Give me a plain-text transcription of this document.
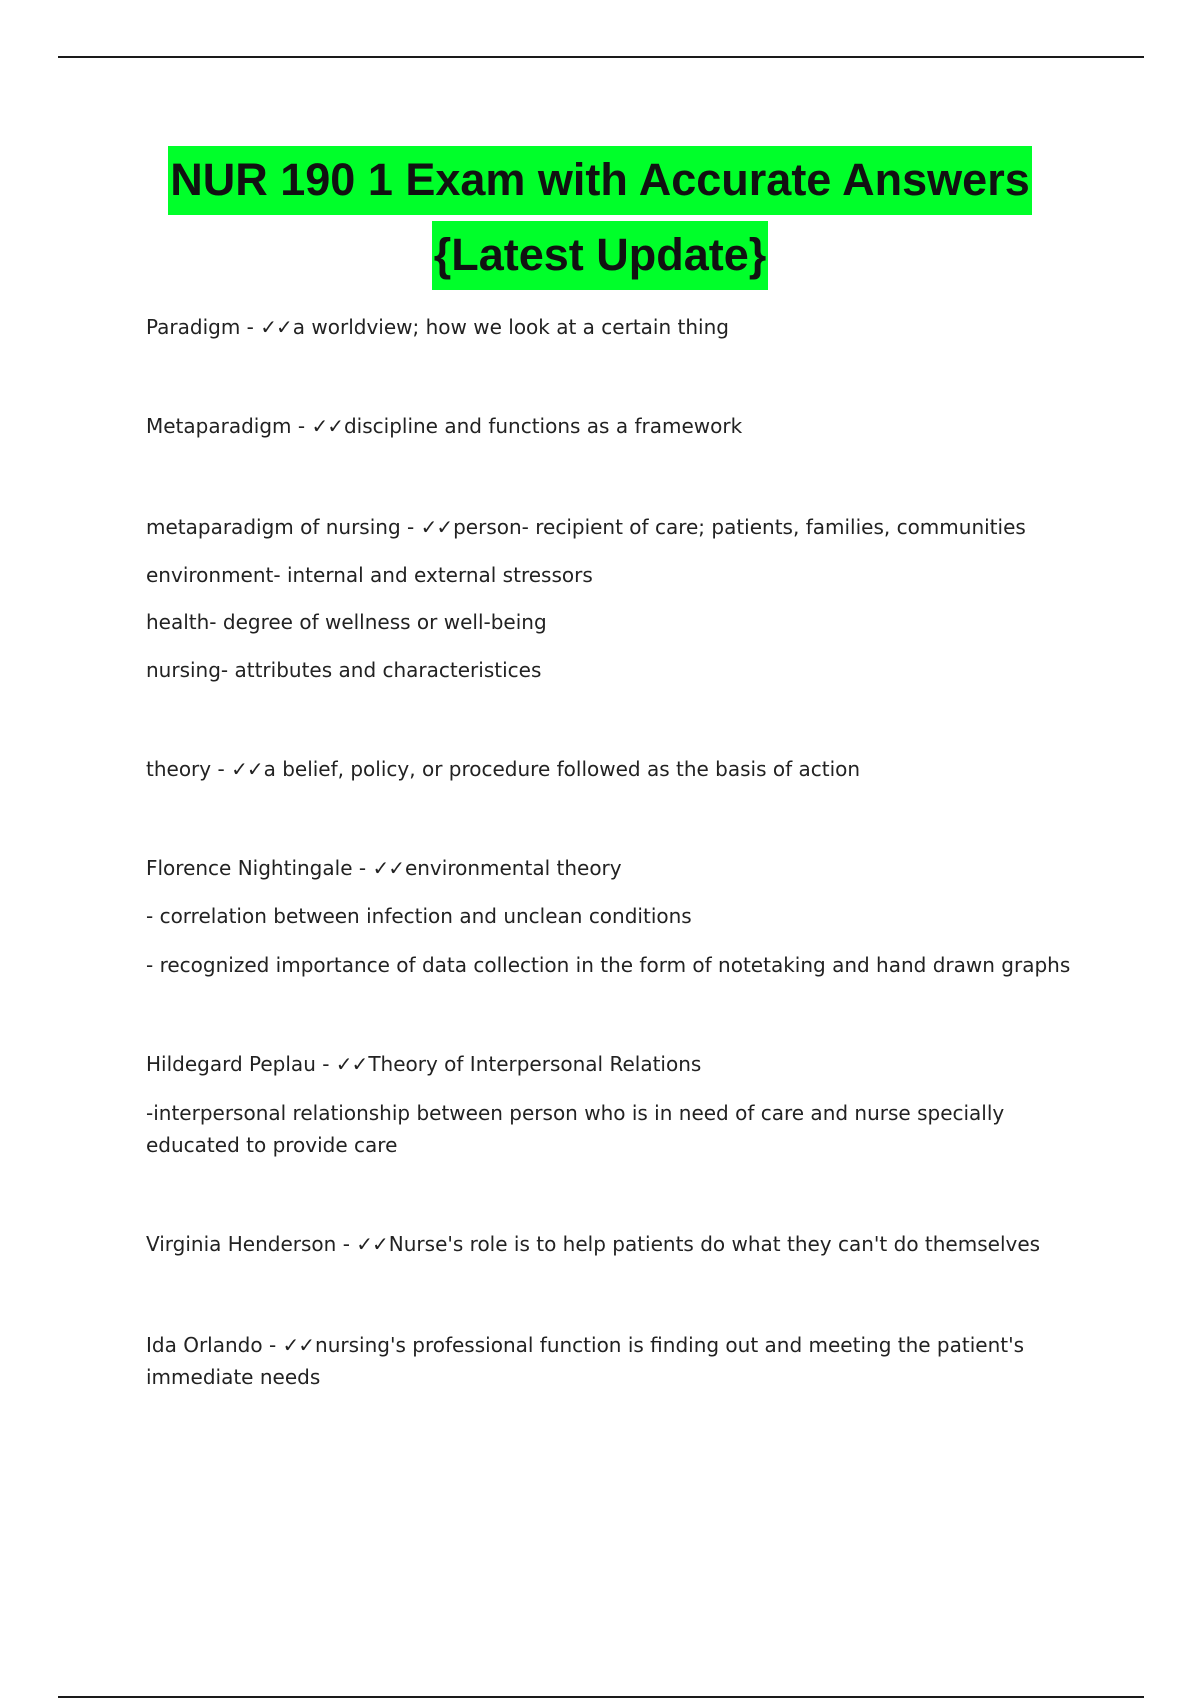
NUR 190 1 Exam with Accurate Answers
{Latest Update}
Paradigm - ✓✓a worldview; how we look at a certain thing
Metaparadigm - ✓✓discipline and functions as a framework
metaparadigm of nursing - ✓✓person- recipient of care; patients, families, communities
environment- internal and external stressors
health- degree of wellness or well-being
nursing- attributes and characteristices
theory - ✓✓a belief, policy, or procedure followed as the basis of action
Florence Nightingale - ✓✓environmental theory
- correlation between infection and unclean conditions
- recognized importance of data collection in the form of notetaking and hand drawn graphs
Hildegard Peplau - ✓✓Theory of Interpersonal Relations
-interpersonal relationship between person who is in need of care and nurse specially educated to provide care
Virginia Henderson - ✓✓Nurse's role is to help patients do what they can't do themselves
Ida Orlando - ✓✓nursing's professional function is finding out and meeting the patient's immediate needs
